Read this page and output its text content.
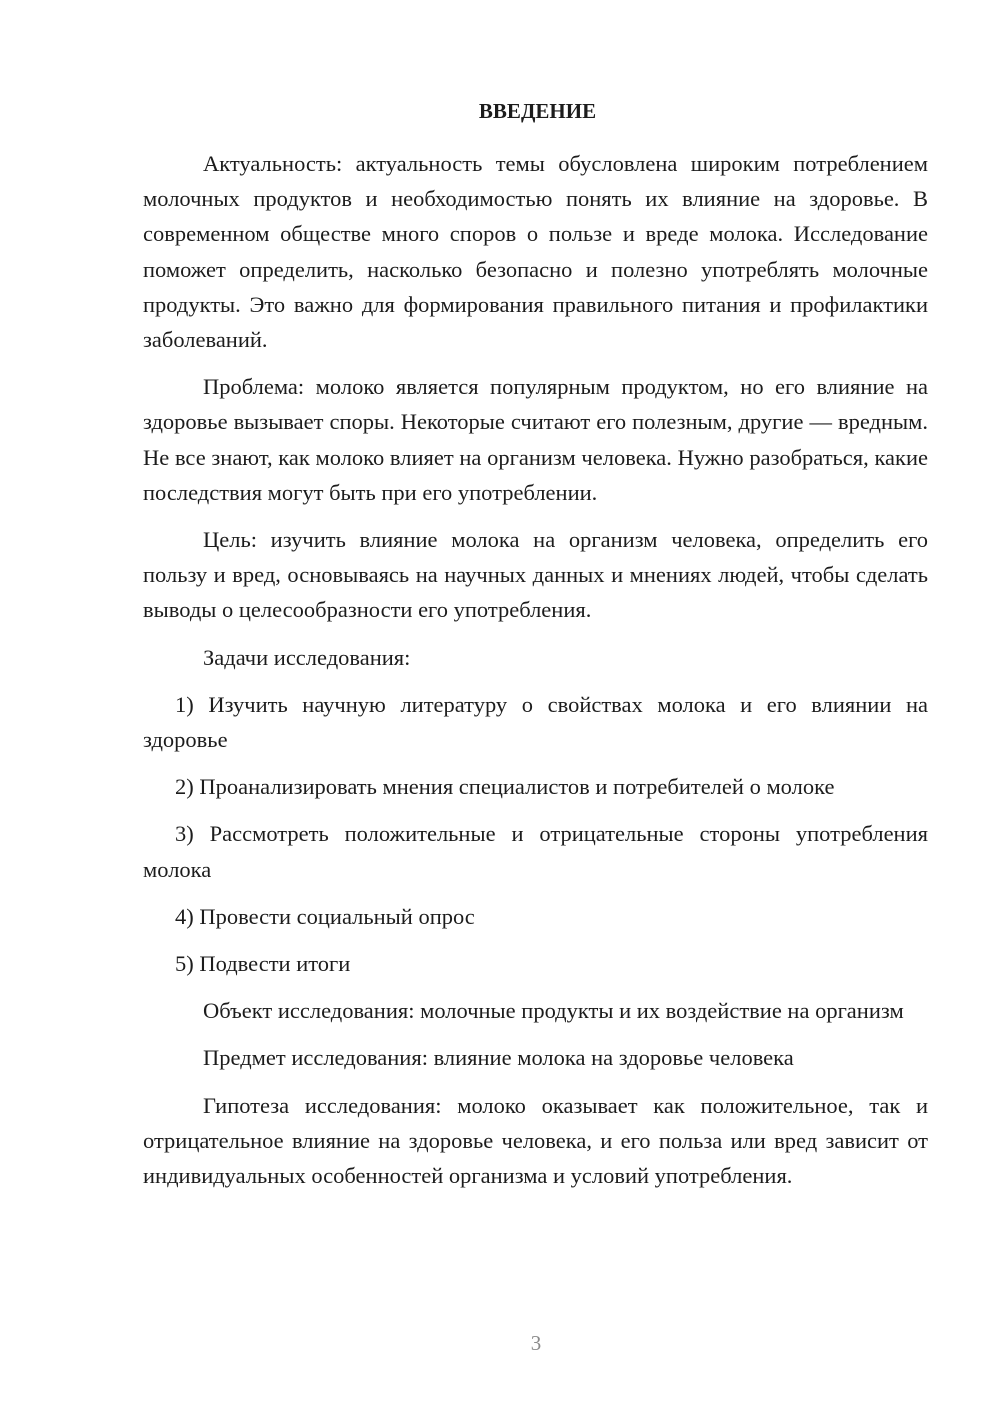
ВВЕДЕНИЕ

Актуальность: актуальность темы обусловлена широким потреблением молочных продуктов и необходимостью понять их влияние на здоровье. В современном обществе много споров о пользе и вреде молока. Исследование поможет определить, насколько безопасно и полезно употреблять молочные продукты. Это важно для формирования правильного питания и профилактики заболеваний.

Проблема: молоко является популярным продуктом, но его влияние на здоровье вызывает споры. Некоторые считают его полезным, другие — вредным. Не все знают, как молоко влияет на организм человека. Нужно разобраться, какие последствия могут быть при его употреблении.

Цель: изучить влияние молока на организм человека, определить его пользу и вред, основываясь на научных данных и мнениях людей, чтобы сделать выводы о целесообразности его употребления.

Задачи исследования:

1) Изучить научную литературу о свойствах молока и его влиянии на здоровье

2) Проанализировать мнения специалистов и потребителей о молоке

3) Рассмотреть положительные и отрицательные стороны употребления молока

4) Провести социальный опрос

5) Подвести итоги

Объект исследования: молочные продукты и их воздействие на организм

Предмет исследования: влияние молока на здоровье человека

Гипотеза исследования: молоко оказывает как положительное, так и отрицательное влияние на здоровье человека, и его польза или вред зависит от индивидуальных особенностей организма и условий употребления.

3
